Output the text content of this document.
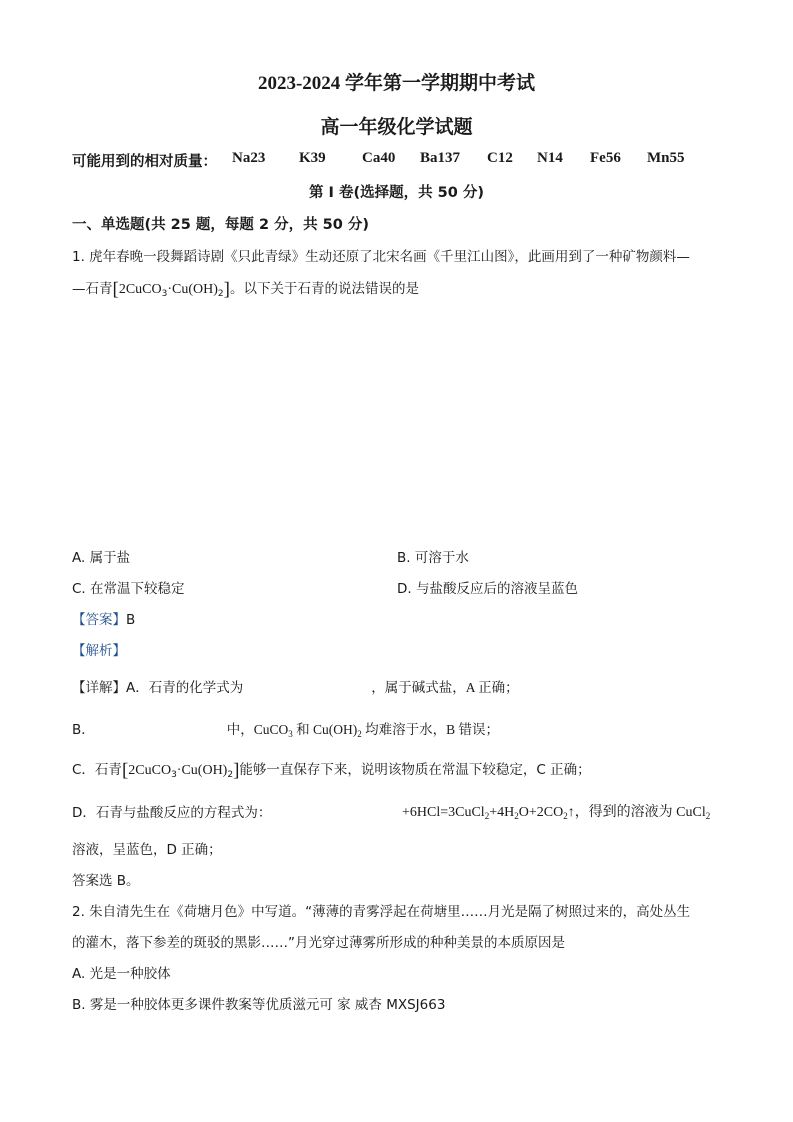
2023-2024 学年第一学期期中考试
高一年级化学试题
可能用到的相对质量： Na23 K39 Ca40 Ba137 C12 N14 Fe56 Mn55
第 I 卷(选择题，共 50 分)
一、单选题(共 25 题，每题 2 分，共 50 分)
1. 虎年春晚一段舞蹈诗剧《只此青绿》生动还原了北宋名画《千里江山图》，此画用到了一种矿物颜料—
—石青$[2CuCO_3\cdot Cu(OH)_2]$。以下关于石青的说法错误的是
A. 属于盐	B. 可溶于水
C. 在常温下较稳定	D. 与盐酸反应后的溶液呈蓝色
【答案】B
【解析】
【详解】A．石青的化学式为	，属于碱式盐，A 正确；
B．	中，CuCO$_3$ 和 $Cu(OH)_2$ 均难溶于水，B 错误；
C．石青$[2CuCO_3\cdot Cu(OH)_2]$能够一直保存下来，说明该物质在常温下较稳定，C 正确；
D．石青与盐酸反应的方程式为：	$+6HCl=3CuCl_2+4H_2O+2CO_2↑$，得到的溶液为 CuCl$_2$
溶液，呈蓝色，D 正确；
答案选 B。
2. 朱自清先生在《荷塘月色》中写道。“薄薄的青雾浮起在荷塘里……月光是隔了树照过来的，高处丛生
的灌木，落下参差的斑驳的黑影……”月光穿过薄雾所形成的种种美景的本质原因是
A. 光是一种胶体
B. 雾是一种胶体更多课件教案等优质滋元可 家 威杏 MXSJ663
